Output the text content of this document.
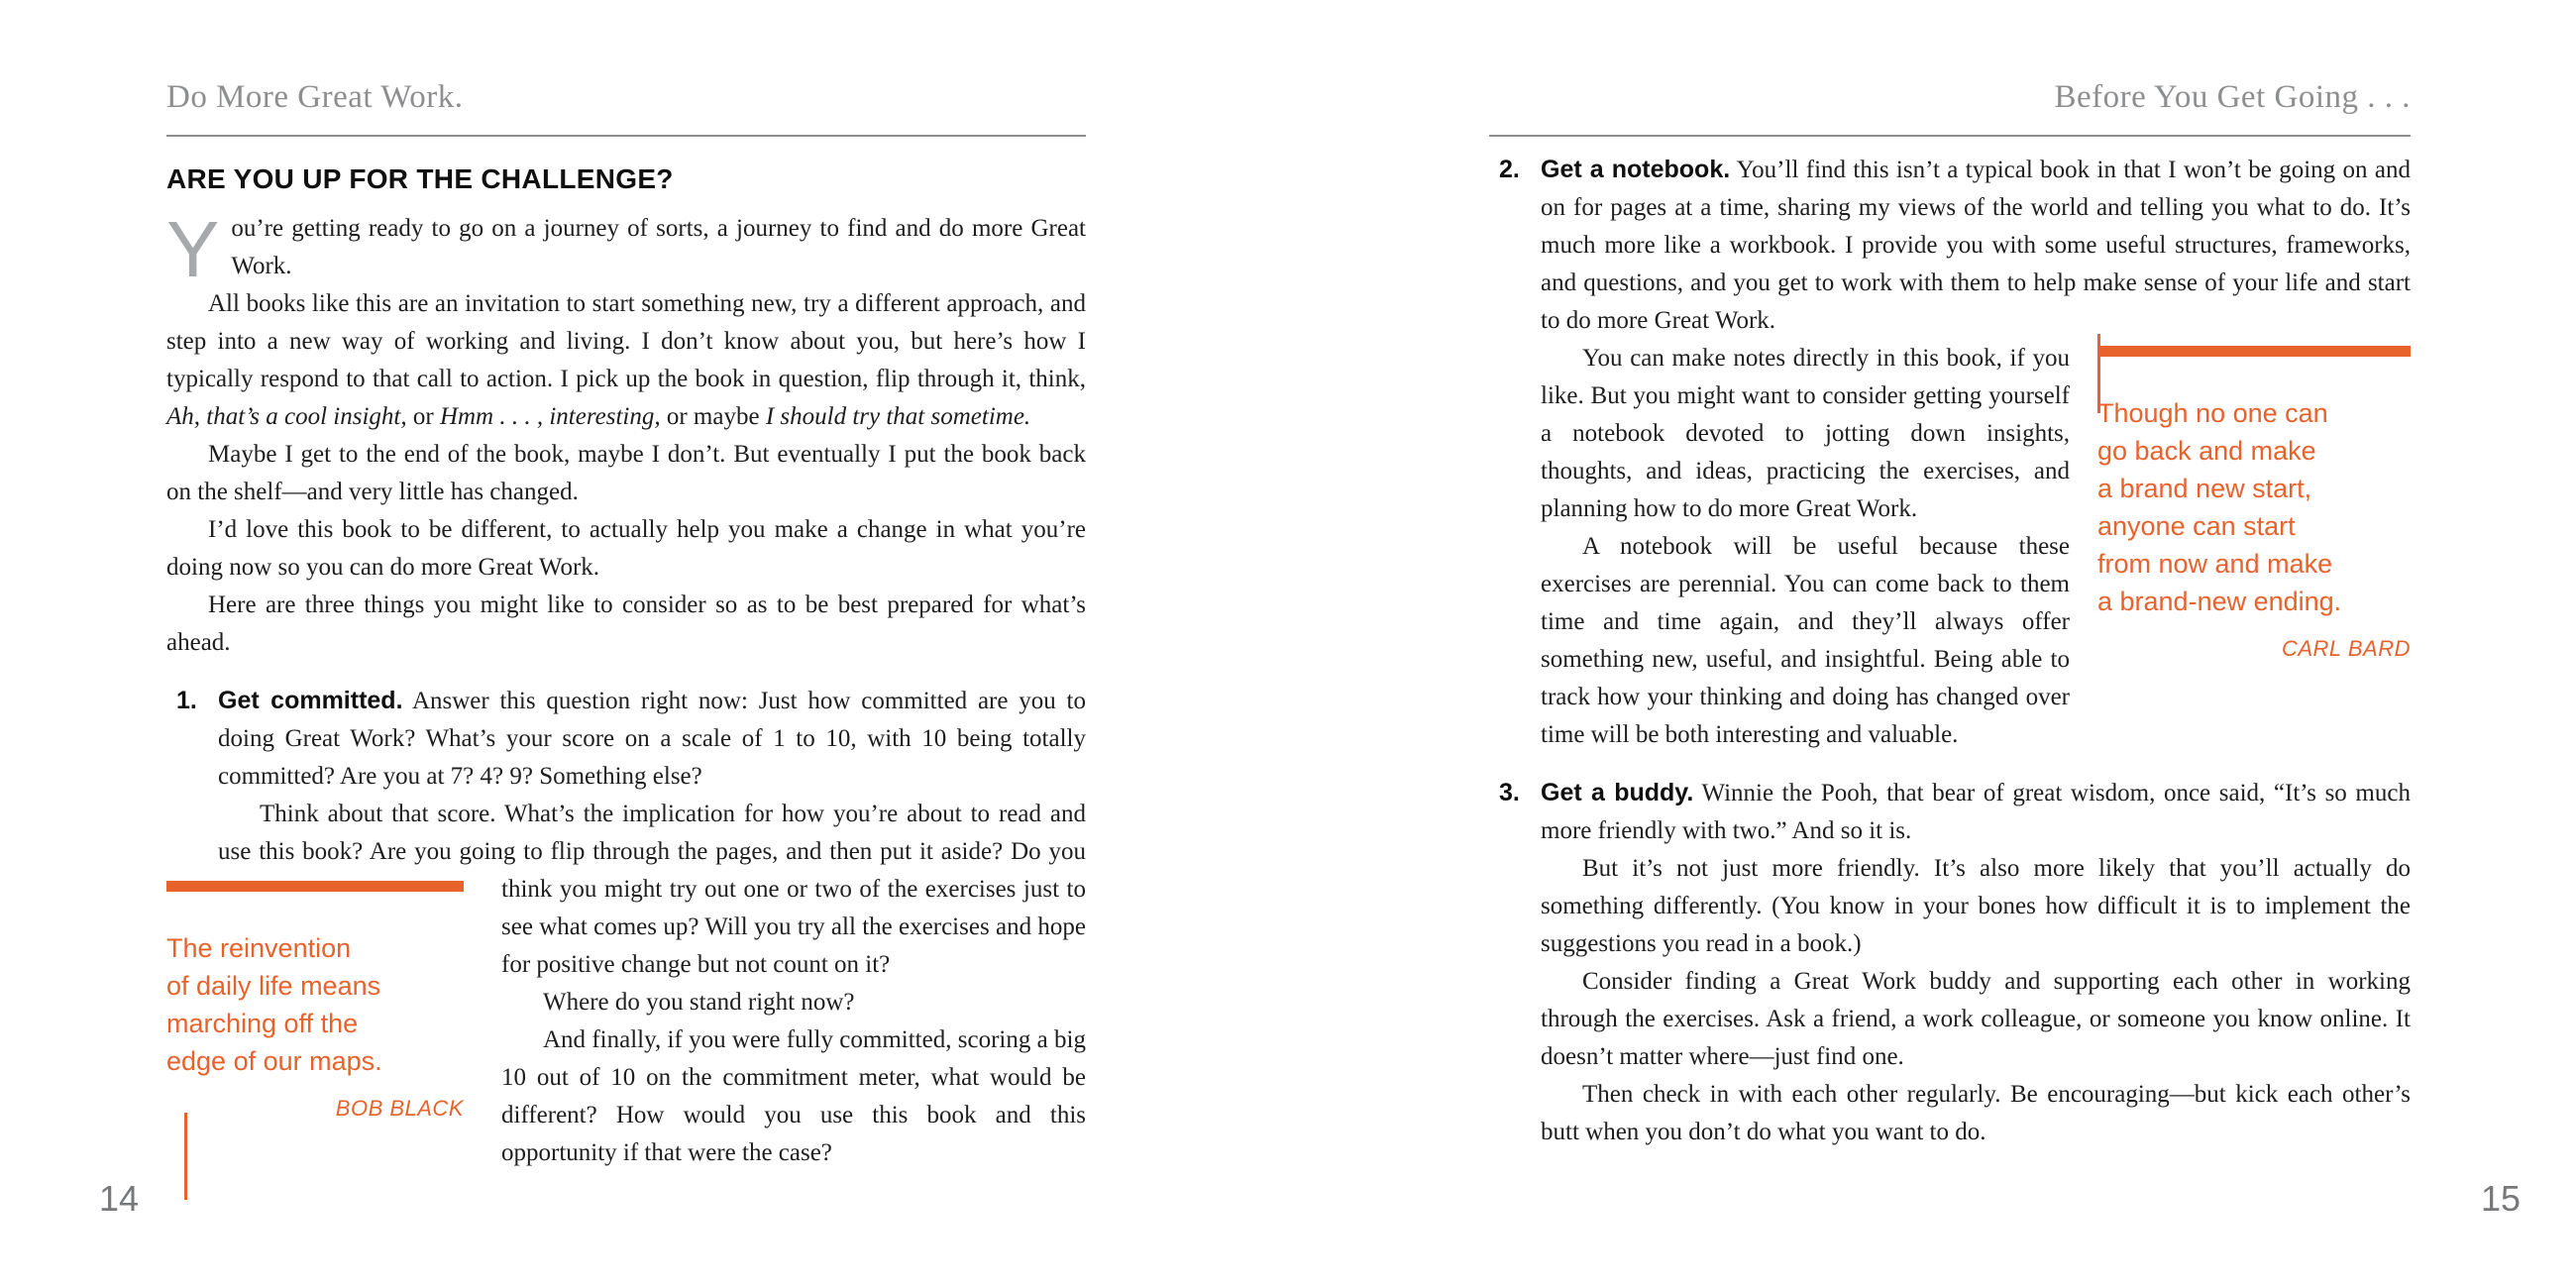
Do More Great Work.
ARE YOU UP FOR THE CHALLENGE?

You’re getting ready to go on a journey of sorts, a journey to find and do more Great Work.

All books like this are an invitation to start something new, try a different approach, and step into a new way of working and living. I don’t know about you, but here’s how I typically respond to that call to action. I pick up the book in question, flip through it, think, Ah, that’s a cool insight, or Hmm . . . , interesting, or maybe I should try that sometime.

Maybe I get to the end of the book, maybe I don’t. But eventually I put the book back on the shelf—and very little has changed.

I’d love this book to be different, to actually help you make a change in what you’re doing now so you can do more Great Work.

Here are three things you might like to consider so as to be best prepared for what’s ahead.

1. Get committed. Answer this question right now: Just how committed are you to doing Great Work? What’s your score on a scale of 1 to 10, with 10 being totally committed? Are you at 7? 4? 9? Something else?

Think about that score. What’s the implication for how you’re about to read and use this book? Are you going to flip through the pages, and then put it aside? Do you think you might try out one or two of the exercises just
The reinvention
of daily life means
marching off the
edge of our maps.
BOB BLACK
to see what comes up? Will you try all the exercises and hope for positive change but not count on it?

Where do you stand right now?

And finally, if you were fully committed, scoring a big 10 out of 10 on the commitment meter, what would be different? How would you use this book and this opportunity if that were the case?

14
Before You Get Going . . .
2. Get a notebook. You’ll find this isn’t a typical book in that I won’t be going on and on for pages at a time, sharing my views of the world and telling you what to do. It’s much more like a workbook. I provide you with some useful structures, frameworks, and questions, and you get to work with them to help make sense of your life and start to do more Great Work.

Though no one can
go back and make
a brand new start,
anyone can start
from now and make
a brand-new ending.
CARL BARD
You can make notes directly in this book, if you like. But you might want to consider getting yourself a notebook devoted to jotting down insights, thoughts, and ideas, practicing the exercises, and planning how to do more Great Work.

A notebook will be useful because these exercises are perennial. You can come back to them time and time again, and they’ll always offer something new, useful, and insightful. Being able to track how your thinking and doing has changed over time will be both interesting and valuable.

3. Get a buddy. Winnie the Pooh, that bear of great wisdom, once said, “It’s so much more friendly with two.” And so it is.

But it’s not just more friendly. It’s also more likely that you’ll actually do something differently. (You know in your bones how difficult it is to implement the suggestions you read in a book.)

Consider finding a Great Work buddy and supporting each other in working through the exercises. Ask a friend, a work colleague, or someone you know online. It doesn’t matter where—just find one.

Then check in with each other regularly. Be encouraging—but kick each other’s butt when you don’t do what you want to do.

15
